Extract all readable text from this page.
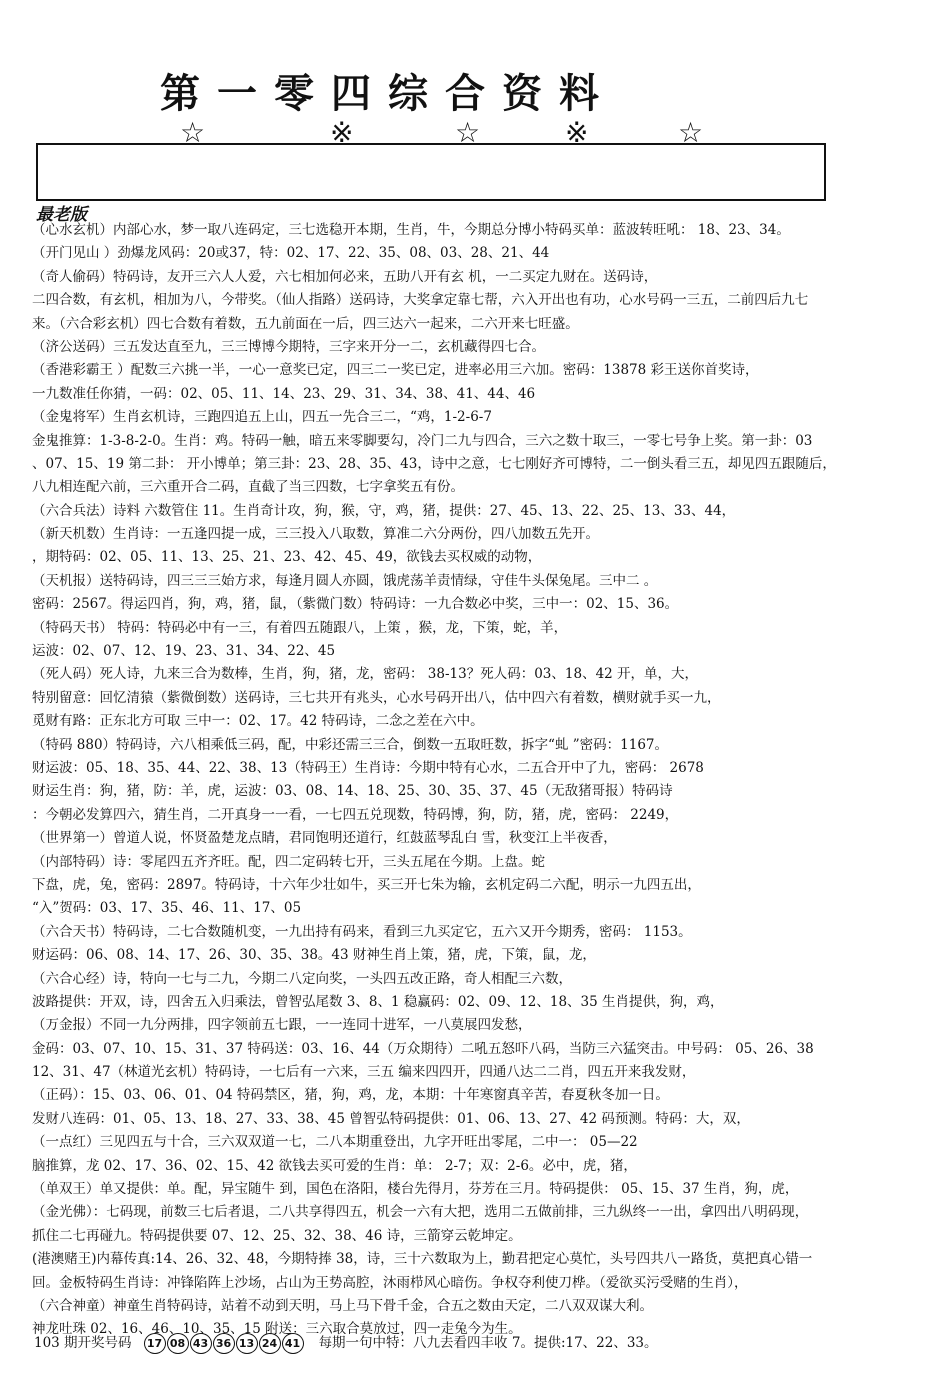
第一零四综合资料
☆	※	☆	※	☆
最老版
（心水玄机）内部心水，梦一取八连码定，三七选稳开本期，生肖，牛，今期总分博小特码买单：蓝波转旺吼： 18、23、34。
（开门见山 ）劲爆龙风码：20或37，特：02、17、22、35、08、03、28、21、44
（奇人偷码）特码诗，友开三六人人爱，六七相加何必来，五助八开有玄 机，一二买定九财在。送码诗，
二四合数，有玄机，相加为八，今带奖。（仙人指路）送码诗，大奖拿定靠七帮，六入开出也有功，心水号码一三五，二前四后九七
来。（六合彩玄机）四七合数有着数，五九前面在一后，四三达六一起来，二六开来七旺盛。
（济公送码）三五发达直至九，三三博博今期特，三字来开分一二，玄机藏得四七合。
（香港彩霸王 ）配数三六挑一半，一心一意奖已定，四三二一奖已定，进率必用三六加。密码：13878 彩王送你首奖诗，
一九数准任你猜，一码：02、05、11、14、23、29、31、34、38、41、44、46
（金鬼将军）生肖玄机诗，三跑四追五上山，四五一先合三二，“鸡，1-2-6-7
金鬼推算：1-3-8-2-0。生肖：鸡。特码一触，暗五来零脚要勾，冷门二九与四合，三六之数十取三，一零七号争上奖。第一卦：03
、07、15、19 第二卦： 开小博单；第三卦：23、28、35、43，诗中之意，七七刚好齐可博特，二一倒头看三五，却见四五跟随后，
八九相连配六前，三六重开合二码，直截了当三四数，七字拿奖五有份。
（六合兵法）诗料 六数管住 11。生肖奇计攻，狗，猴，守，鸡，猪，提供：27、45、13、22、25、13、33、44，
（新天机数）生肖诗：一五逢四提一成，三三投入八取数，算准二六分两份，四八加数五先开。
，期特码：02、05、11、13、25、21、23、42、45、49，欲钱去买权威的动物，
（天机报）送特码诗，四三三三始方求，每逢月圆人亦圆，饿虎荡羊责情绿，守佳牛头保兔尾。三中二 。
密码：2567。得运四肖，狗，鸡，猪，鼠，（紫微门数）特码诗：一九合数必中奖，三中一：02、15、36。
（特码天书） 特码：特码必中有一三，有着四五随跟八，上策 ，猴，龙，下策，蛇，羊，
运波：02、07、12、19、23、31、34、22、45
（死人码）死人诗，九来三合为数棒，生肖，狗，猪，龙，密码： 38-13？死人码：03、18、42 开，单，大，
特别留意：回忆清猿（紫微倒数）送码诗，三七共开有兆头，心水号码开出八，估中四六有着数，横财就手买一九，
觅财有路：正东北方可取 三中一：02、17。42 特码诗，二念之差在六中。
（特码 880）特码诗，六八相乘低三码，配，中彩还需三三合，倒数一五取旺数，拆字“虬 ”密码：1167。
财运波：05、18、35、44、22、38、13（特码王）生肖诗：今期中特有心水，二五合开中了九，密码： 2678
财运生肖：狗，猪，防：羊，虎，运波：03、08、14、18、25、30、35、37、45（无敌猪哥报）特码诗
：今朝必发算四六，猜生肖，二开真身一一看，一七四五兑现数，特码博，狗，防，猪，虎，密码： 2249，
（世界第一）曾道人说，怀贤盈楚龙点睛，君同饱明还道行，红鼓蓝琴乱白 雪，秋变江上半夜香，
（内部特码）诗：零尾四五齐齐旺。配，四二定码转七开，三头五尾在今期。上盘。蛇
下盘，虎，兔，密码：2897。特码诗，十六年少壮如牛，买三开七朱为输，玄机定码二六配，明示一九四五出，
“入”贺码：03、17、35、46、11、17、05
（六合天书）特码诗，二七合数随机变，一九出持有码来，看到三九买定它，五六又开今期秀，密码： 1153。
财运码：06、08、14、17、26、30、35、38。43 财神生肖上策，猪，虎，下策，鼠，龙，
（六合心经）诗，特向一七与二九，今期二八定向奖，一头四五改正路，奇人相配三六数，
波路提供：开双，诗，四舍五入归乘法，曾智弘尾数 3、8、1 稳赢码：02、09、12、18、35 生肖提供，狗，鸡，
（万金报）不同一九分两排，四字领前五七跟，一一连同十进军，一八莫展四发愁，
金码：03、07、10、15、31、37 特码送：03、16、44（万众期待）二吼五怒吓八码，当防三六猛突击。中号码： 05、26、38
12、31、47（林道光玄机）特码诗，一七后有一六来，三五 编来四四开，四通八达二二肖，四五开来我发财，
（正码）：15、03、06、01、04 特码禁区，猪，狗，鸡，龙，本期：十年寒窗真辛苦，春夏秋冬加一日。
发财八连码：01、05、13、18、27、33、38、45 曾智弘特码提供：01、06、13、27、42 码预测。特码：大，双，
（一点红）三见四五与十合，三六双双道一七，二八本期重登出，九字开旺出零尾，二中一： 05—22
脑推算，龙 02、17、36、02、15、42 欲钱去买可爱的生肖：单： 2-7；双：2-6。必中，虎，猪，
（单双王）单又提供：单。配，异宝随牛 到，国色在洛阳，楼台先得月，芬芳在三月。特码提供： 05、15、37 生肖，狗，虎，
（金光佛）：七码现，前数三七后者退，二八共享得四五，机会一六有大把，选用二五做前排，三九纵终一一出，拿四出八明码现，
抓住二七再碰九。特码提供要 07、12、25、32、38、46 诗，三箭穿云乾坤定。
(港澳赌王)内幕传真:14、26、32、48，今期特捧 38，诗，三十六数取为上，勤君把定心莫忙，头号四共八一路货，莫把真心错一
回。金板特码生肖诗：冲锋陷阵上沙场，占山为王势高腔，沐雨栉风心暗伤。争权夺利使刀桦。（爱欲买污受赌的生肖），
（六合神童）神童生肖特码诗，站着不动到天明，马上马下骨千金，合五之数由天定，二八双双谋大利。
神龙吐珠 02、16、46、10、35、15 附送：三六取合莫放过，四一走兔今为生。
103 期开奖号码	17 08 43 36 13 24 41 每期一句中特：八九去看四丰收 7。提供:17、22、33。
